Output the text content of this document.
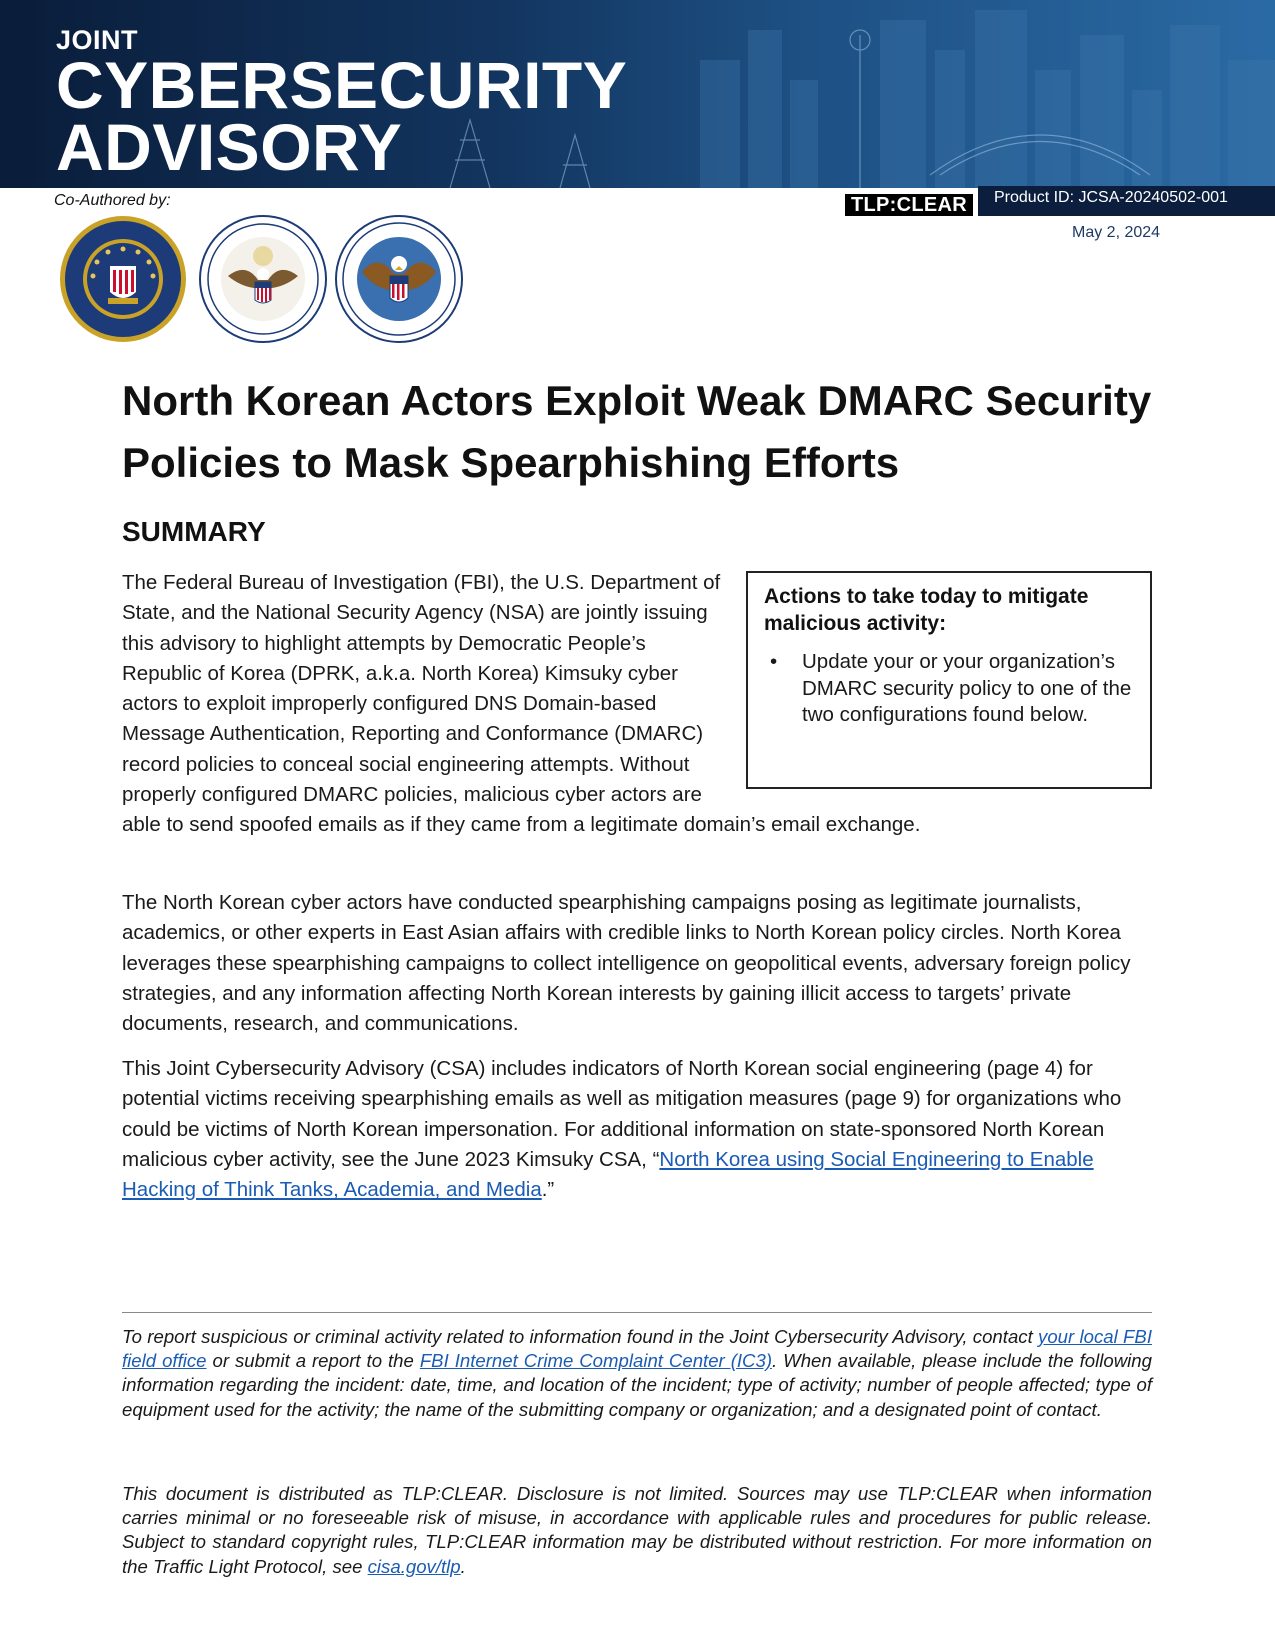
JOINT
CYBERSECURITY
ADVISORY
Co-Authored by:	TLP:CLEAR	Product ID: JCSA-20240502-001
May 2, 2024
North Korean Actors Exploit Weak DMARC Security Policies to Mask Spearphishing Efforts
SUMMARY
Actions to take today to mitigate malicious activity:
• Update your or your organization’s DMARC security policy to one of the two configurations found below.
The Federal Bureau of Investigation (FBI), the U.S. Department of State, and the National Security Agency (NSA) are jointly issuing this advisory to highlight attempts by Democratic People’s Republic of Korea (DPRK, a.k.a. North Korea) Kimsuky cyber actors to exploit improperly configured DNS Domain-based Message Authentication, Reporting and Conformance (DMARC) record policies to conceal social engineering attempts. Without properly configured DMARC policies, malicious cyber actors are able to send spoofed emails as if they came from a legitimate domain’s email exchange.

The North Korean cyber actors have conducted spearphishing campaigns posing as legitimate journalists, academics, or other experts in East Asian affairs with credible links to North Korean policy circles. North Korea leverages these spearphishing campaigns to collect intelligence on geopolitical events, adversary foreign policy strategies, and any information affecting North Korean interests by gaining illicit access to targets’ private documents, research, and communications.

This Joint Cybersecurity Advisory (CSA) includes indicators of North Korean social engineering (page 4) for potential victims receiving spearphishing emails as well as mitigation measures (page 9) for organizations who could be victims of North Korean impersonation. For additional information on state-sponsored North Korean malicious cyber activity, see the June 2023 Kimsuky CSA, “North Korea using Social Engineering to Enable Hacking of Think Tanks, Academia, and Media.”

To report suspicious or criminal activity related to information found in the Joint Cybersecurity Advisory, contact your local FBI field office or submit a report to the FBI Internet Crime Complaint Center (IC3). When available, please include the following information regarding the incident: date, time, and location of the incident; type of activity; number of people affected; type of equipment used for the activity; the name of the submitting company or organization; and a designated point of contact.

This document is distributed as TLP:CLEAR. Disclosure is not limited. Sources may use TLP:CLEAR when information carries minimal or no foreseeable risk of misuse, in accordance with applicable rules and procedures for public release. Subject to standard copyright rules, TLP:CLEAR information may be distributed without restriction. For more information on the Traffic Light Protocol, see cisa.gov/tlp.
